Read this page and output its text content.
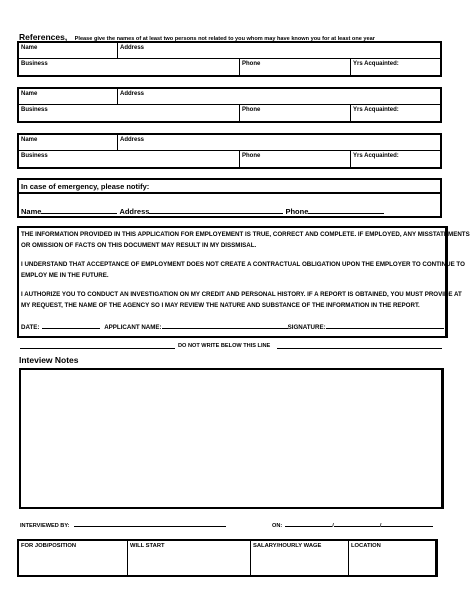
References, Please give the names of at least two persons not related to you whom may have known you for at least one year
Name	Address
Business	Phone	Yrs Acquainted:
Name	Address
Business	Phone	Yrs Acquainted:
Name	Address
Business	Phone	Yrs Acquainted:
In case of emergency, please notify:
Name	Address	Phone
THE INFORMATION PROVIDED IN THIS APPLICATION FOR EMPLOYEMENT IS TRUE, CORRECT AND COMPLETE. IF EMPLOYED, ANY MISSTATEMENTS
OR OMISSION OF FACTS ON THIS DOCUMENT MAY RESULT IN MY DISSMISAL.
I UNDERSTAND THAT ACCEPTANCE OF EMPLOYMENT DOES NOT CREATE A CONTRACTUAL OBLIGATION UPON THE EMPLOYER TO CONTINUE TO
EMPLOY ME IN THE FUTURE.
I AUTHORIZE YOU TO CONDUCT AN INVESTIGATION ON MY CREDIT AND PERSONAL HISTORY. IF A REPORT IS OBTAINED, YOU MUST PROVIDE AT
MY REQUEST, THE NAME OF THE AGENCY SO I MAY REVIEW THE NATURE AND SUBSTANCE OF THE INFORMATION IN THE REPORT.
DATE:	APPLICANT NAME:	SIGNATURE:
DO NOT WRITE BELOW THIS LINE
Inteview Notes
INTERVIEWED BY:	ON:	/	/
FOR JOB/POSITION	WILL START	SALARY/HOURLY WAGE	LOCATION
